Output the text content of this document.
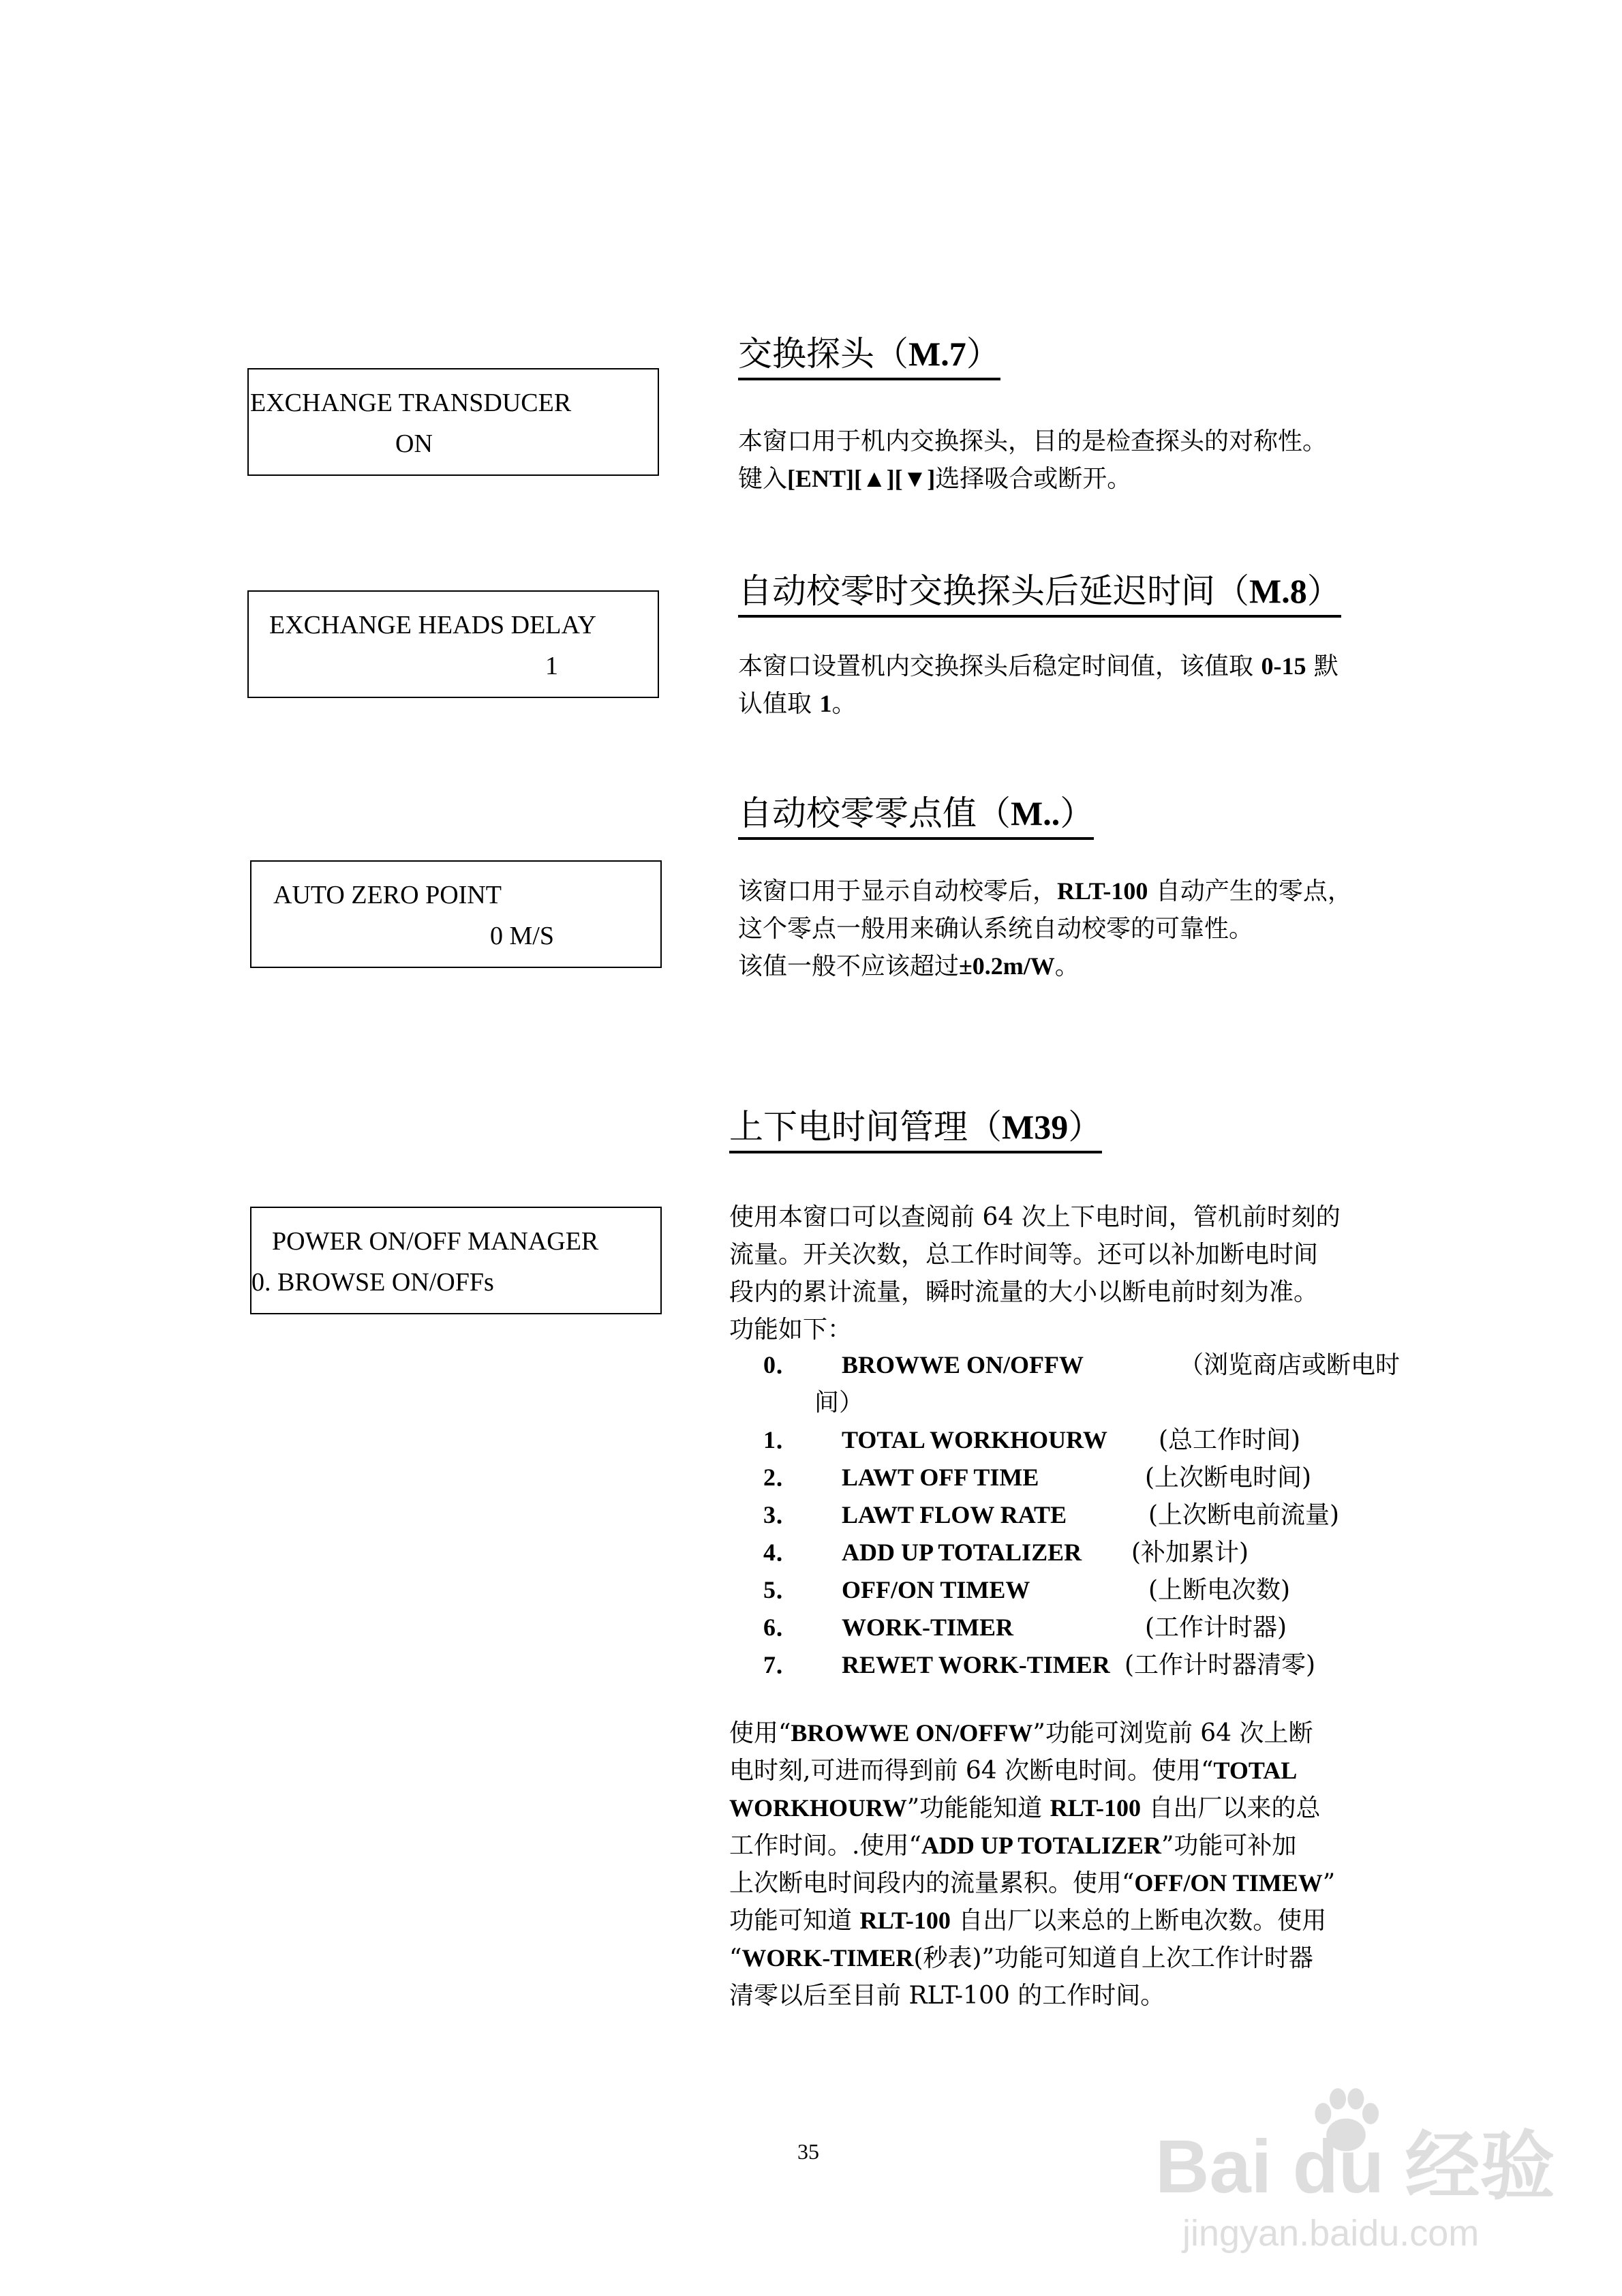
EXCHANGE TRANSDUCER
ON
交换探头（M.7）

本窗口用于机内交换探头，目的是检查探头的对称性。
键入[ENT][▲][▼]选择吸合或断开。

EXCHANGE HEADS DELAY
1
自动校零时交换探头后延迟时间（M.8）

本窗口设置机内交换探头后稳定时间值，该值取 0-15 默
认值取 1。

自动校零零点值（M..）
AUTO ZERO POINT
0 M/S

该窗口用于显示自动校零后，RLT-100 自动产生的零点，
这个零点一般用来确认系统自动校零的可靠性。
该值一般不应该超过±0.2m/W。

上下电时间管理（M39）
POWER ON/OFF MANAGER
0. BROWSE ON/OFFs

使用本窗口可以查阅前 64 次上下电时间，管机前时刻的
流量。开关次数，总工作时间等。还可以补加断电时间
段内的累计流量，瞬时流量的大小以断电前时刻为准。
功能如下：

0． BROWWE ON/OFFW	（浏览商店或断电时
间）
1． TOTAL WORKHOURW (总工作时间)
2． LAWT OFF TIME	(上次断电时间)
3． LAWT FLOW RATE	(上次断电前流量)
4． ADD UP TOTALIZER (补加累计)
5． OFF/ON TIMEW	(上断电次数)
6． WORK-TIMER	(工作计时器)
7． REWET WORK-TIMER (工作计时器清零)

使用“BROWWE ON/OFFW”功能可浏览前 64 次上断
电时刻,可进而得到前 64 次断电时间。使用“TOTAL
WORKHOURW”功能能知道 RLT-100 自出厂以来的总
工作时间。.使用“ADD UP TOTALIZER”功能可补加
上次断电时间段内的流量累积。使用“OFF/ON TIMEW”
功能可知道 RLT-100 自出厂以来总的上断电次数。使用
“WORK-TIMER(秒表)”功能可知道自上次工作计时器
清零以后至目前 RLT-100 的工作时间。

35	Bai du 经验
jingyan.baidu.com
